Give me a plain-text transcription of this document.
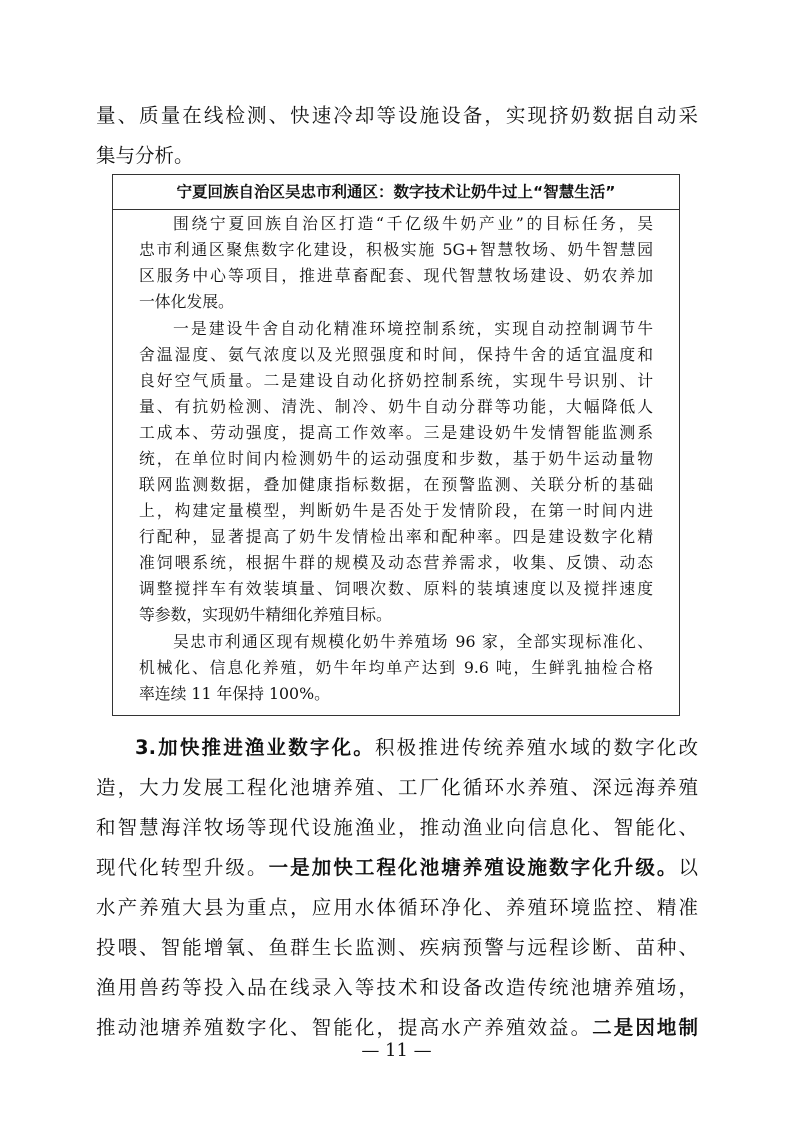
量、质量在线检测、快速冷却等设施设备，实现挤奶数据自动采
集与分析。
宁夏回族自治区吴忠市利通区：数字技术让奶牛过上“智慧生活”
围绕宁夏回族自治区打造“千亿级牛奶产业”的目标任务，吴
忠市利通区聚焦数字化建设，积极实施 5G+智慧牧场、奶牛智慧园
区服务中心等项目，推进草畜配套、现代智慧牧场建设、奶农养加
一体化发展。
一是建设牛舍自动化精准环境控制系统，实现自动控制调节牛
舍温湿度、氨气浓度以及光照强度和时间，保持牛舍的适宜温度和
良好空气质量。二是建设自动化挤奶控制系统，实现牛号识别、计
量、有抗奶检测、清洗、制冷、奶牛自动分群等功能，大幅降低人
工成本、劳动强度，提高工作效率。三是建设奶牛发情智能监测系
统，在单位时间内检测奶牛的运动强度和步数，基于奶牛运动量物
联网监测数据，叠加健康指标数据，在预警监测、关联分析的基础
上，构建定量模型，判断奶牛是否处于发情阶段，在第一时间内进
行配种，显著提高了奶牛发情检出率和配种率。四是建设数字化精
准饲喂系统，根据牛群的规模及动态营养需求，收集、反馈、动态
调整搅拌车有效装填量、饲喂次数、原料的装填速度以及搅拌速度
等参数，实现奶牛精细化养殖目标。
吴忠市利通区现有规模化奶牛养殖场 96 家，全部实现标准化、
机械化、信息化养殖，奶牛年均单产达到 9.6 吨，生鲜乳抽检合格
率连续 11 年保持 100%。
3.加快推进渔业数字化。积极推进传统养殖水域的数字化改
造，大力发展工程化池塘养殖、工厂化循环水养殖、深远海养殖
和智慧海洋牧场等现代设施渔业，推动渔业向信息化、智能化、
现代化转型升级。一是加快工程化池塘养殖设施数字化升级。以
水产养殖大县为重点，应用水体循环净化、养殖环境监控、精准
投喂、智能增氧、鱼群生长监测、疾病预警与远程诊断、苗种、
渔用兽药等投入品在线录入等技术和设备改造传统池塘养殖场，
推动池塘养殖数字化、智能化，提高水产养殖效益。二是因地制
— 11 —
